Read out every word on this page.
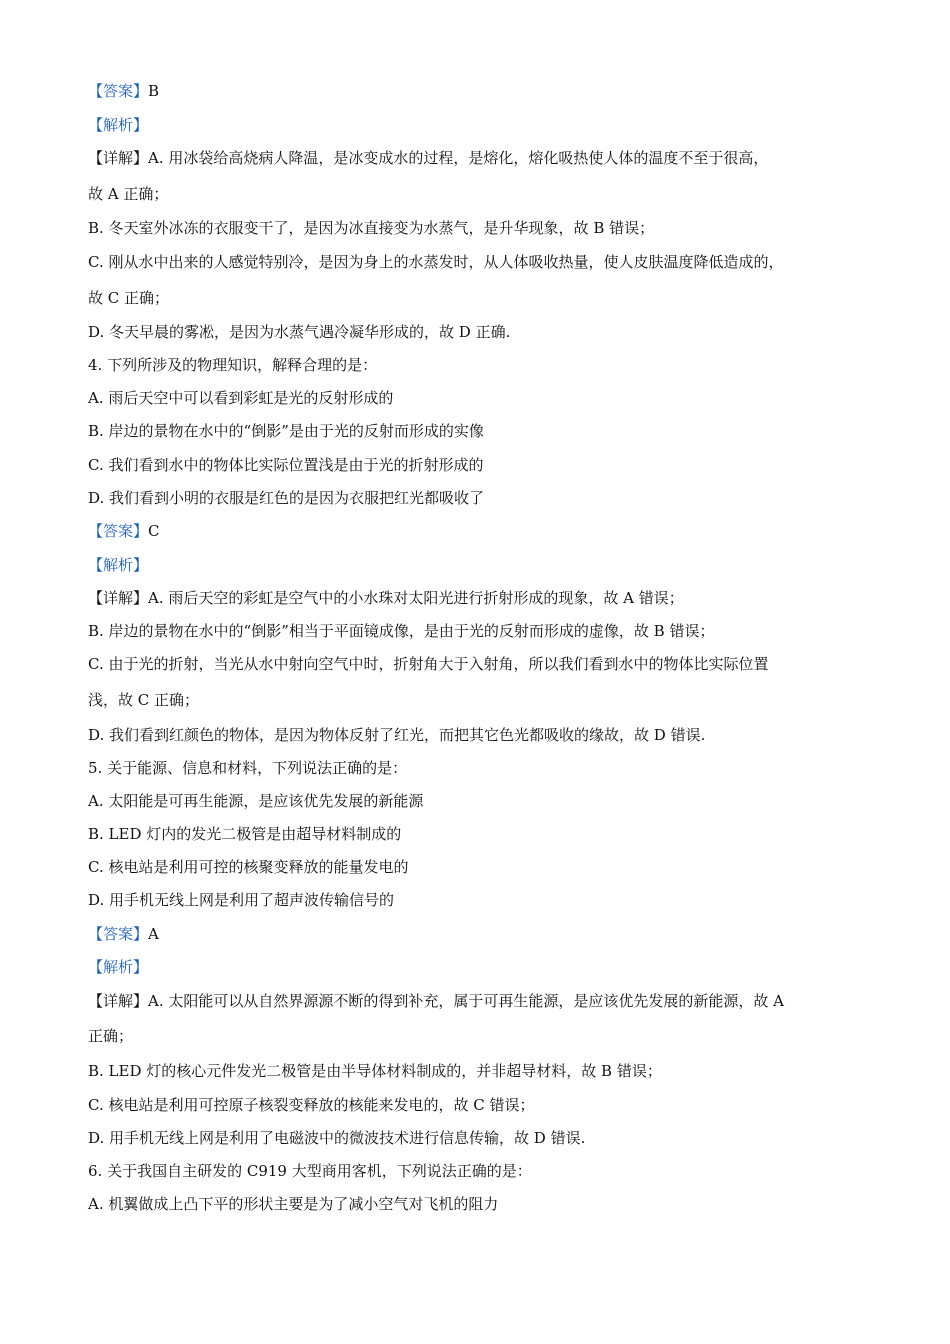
【答案】B
【解析】
【详解】A. 用冰袋给高烧病人降温，是冰变成水的过程，是熔化，熔化吸热使人体的温度不至于很高，
故 A 正确；
B. 冬天室外冰冻的衣服变干了，是因为冰直接变为水蒸气，是升华现象，故 B 错误；
C. 刚从水中出来的人感觉特别冷，是因为身上的水蒸发时，从人体吸收热量，使人皮肤温度降低造成的，
故 C 正确；
D. 冬天早晨的雾凇，是因为水蒸气遇冷凝华形成的，故 D 正确.
4. 下列所涉及的物理知识，解释合理的是：
A. 雨后天空中可以看到彩虹是光的反射形成的
B. 岸边的景物在水中的“倒影”是由于光的反射而形成的实像
C. 我们看到水中的物体比实际位置浅是由于光的折射形成的
D. 我们看到小明的衣服是红色的是因为衣服把红光都吸收了
【答案】C
【解析】
【详解】A. 雨后天空的彩虹是空气中的小水珠对太阳光进行折射形成的现象，故 A 错误；
B. 岸边的景物在水中的“倒影”相当于平面镜成像，是由于光的反射而形成的虚像，故 B 错误；
C. 由于光的折射，当光从水中射向空气中时，折射角大于入射角，所以我们看到水中的物体比实际位置
浅，故 C 正确；
D. 我们看到红颜色的物体，是因为物体反射了红光，而把其它色光都吸收的缘故，故 D 错误.
5. 关于能源、信息和材料，下列说法正确的是：
A. 太阳能是可再生能源，是应该优先发展的新能源
B. LED 灯内的发光二极管是由超导材料制成的
C. 核电站是利用可控的核聚变释放的能量发电的
D. 用手机无线上网是利用了超声波传输信号的
【答案】A
【解析】
【详解】A. 太阳能可以从自然界源源不断的得到补充，属于可再生能源，是应该优先发展的新能源，故 A
正确；
B. LED 灯的核心元件发光二极管是由半导体材料制成的，并非超导材料，故 B 错误；
C. 核电站是利用可控原子核裂变释放的核能来发电的，故 C 错误；
D. 用手机无线上网是利用了电磁波中的微波技术进行信息传输，故 D 错误.
6. 关于我国自主研发的 C919 大型商用客机，下列说法正确的是：
A. 机翼做成上凸下平的形状主要是为了减小空气对飞机的阻力
